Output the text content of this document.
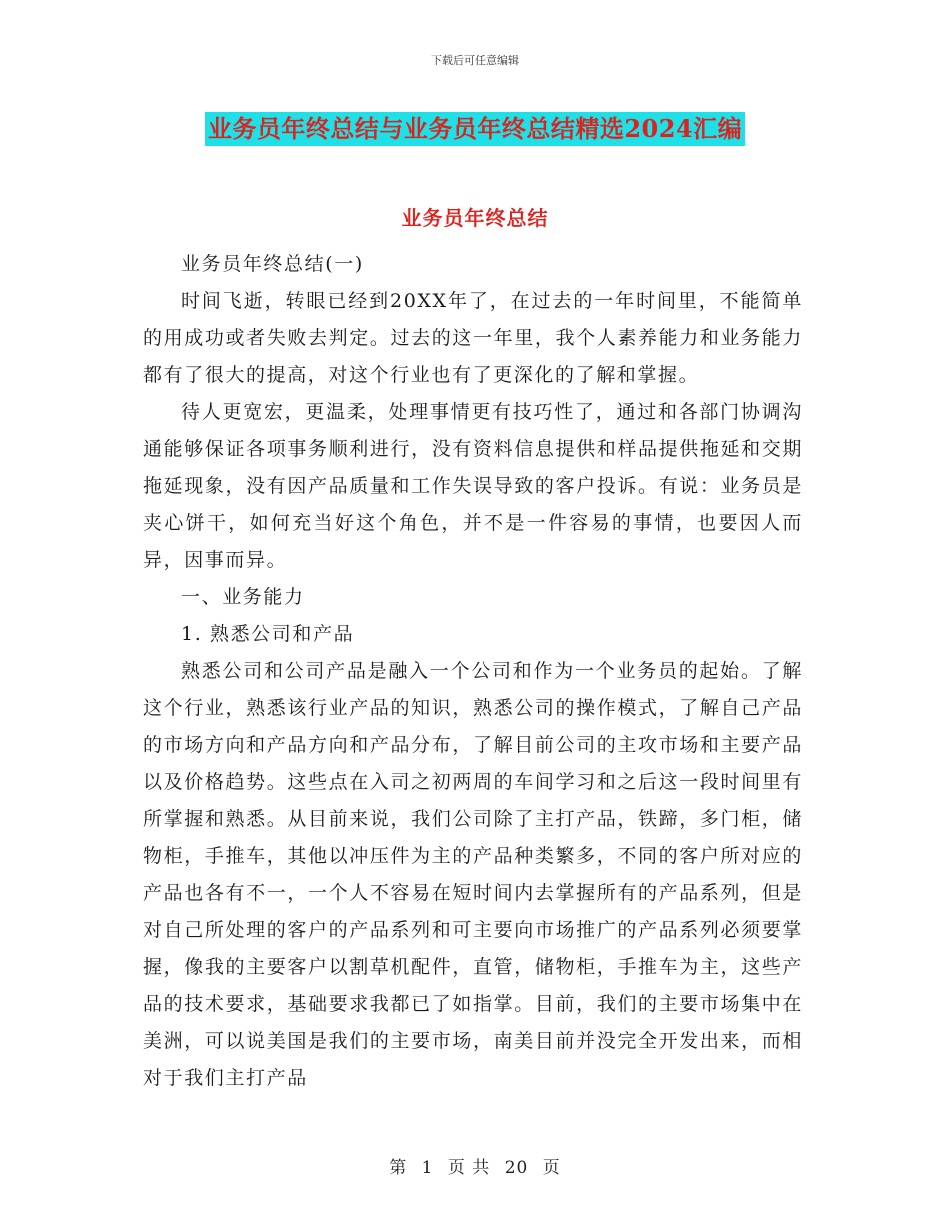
下载后可任意编辑
业务员年终总结与业务员年终总结精选2024汇编
业务员年终总结

业务员年终总结(一)

时间飞逝，转眼已经到20XX年了，在过去的一年时间里，不能简单的用成功或者失败去判定。过去的这一年里，我个人素养能力和业务能力都有了很大的提高，对这个行业也有了更深化的了解和掌握。

待人更宽宏，更温柔，处理事情更有技巧性了，通过和各部门协调沟通能够保证各项事务顺利进行，没有资料信息提供和样品提供拖延和交期拖延现象，没有因产品质量和工作失误导致的客户投诉。有说：业务员是夹心饼干，如何充当好这个角色，并不是一件容易的事情，也要因人而异，因事而异。

一、业务能力

1. 熟悉公司和产品

熟悉公司和公司产品是融入一个公司和作为一个业务员的起始。了解这个行业，熟悉该行业产品的知识，熟悉公司的操作模式，了解自己产品的市场方向和产品方向和产品分布，了解目前公司的主攻市场和主要产品以及价格趋势。这些点在入司之初两周的车间学习和之后这一段时间里有所掌握和熟悉。从目前来说，我们公司除了主打产品，铁蹄，多门柜，储物柜，手推车，其他以冲压件为主的产品种类繁多，不同的客户所对应的产品也各有不一，一个人不容易在短时间内去掌握所有的产品系列，但是对自己所处理的客户的产品系列和可主要向市场推广的产品系列必须要掌握，像我的主要客户以割草机配件，直管，储物柜，手推车为主，这些产品的技术要求，基础要求我都已了如指掌。目前，我们的主要市场集中在美洲，可以说美国是我们的主要市场，南美目前并没完全开发出来，而相对于我们主打产品

第 1 页 共 20 页
